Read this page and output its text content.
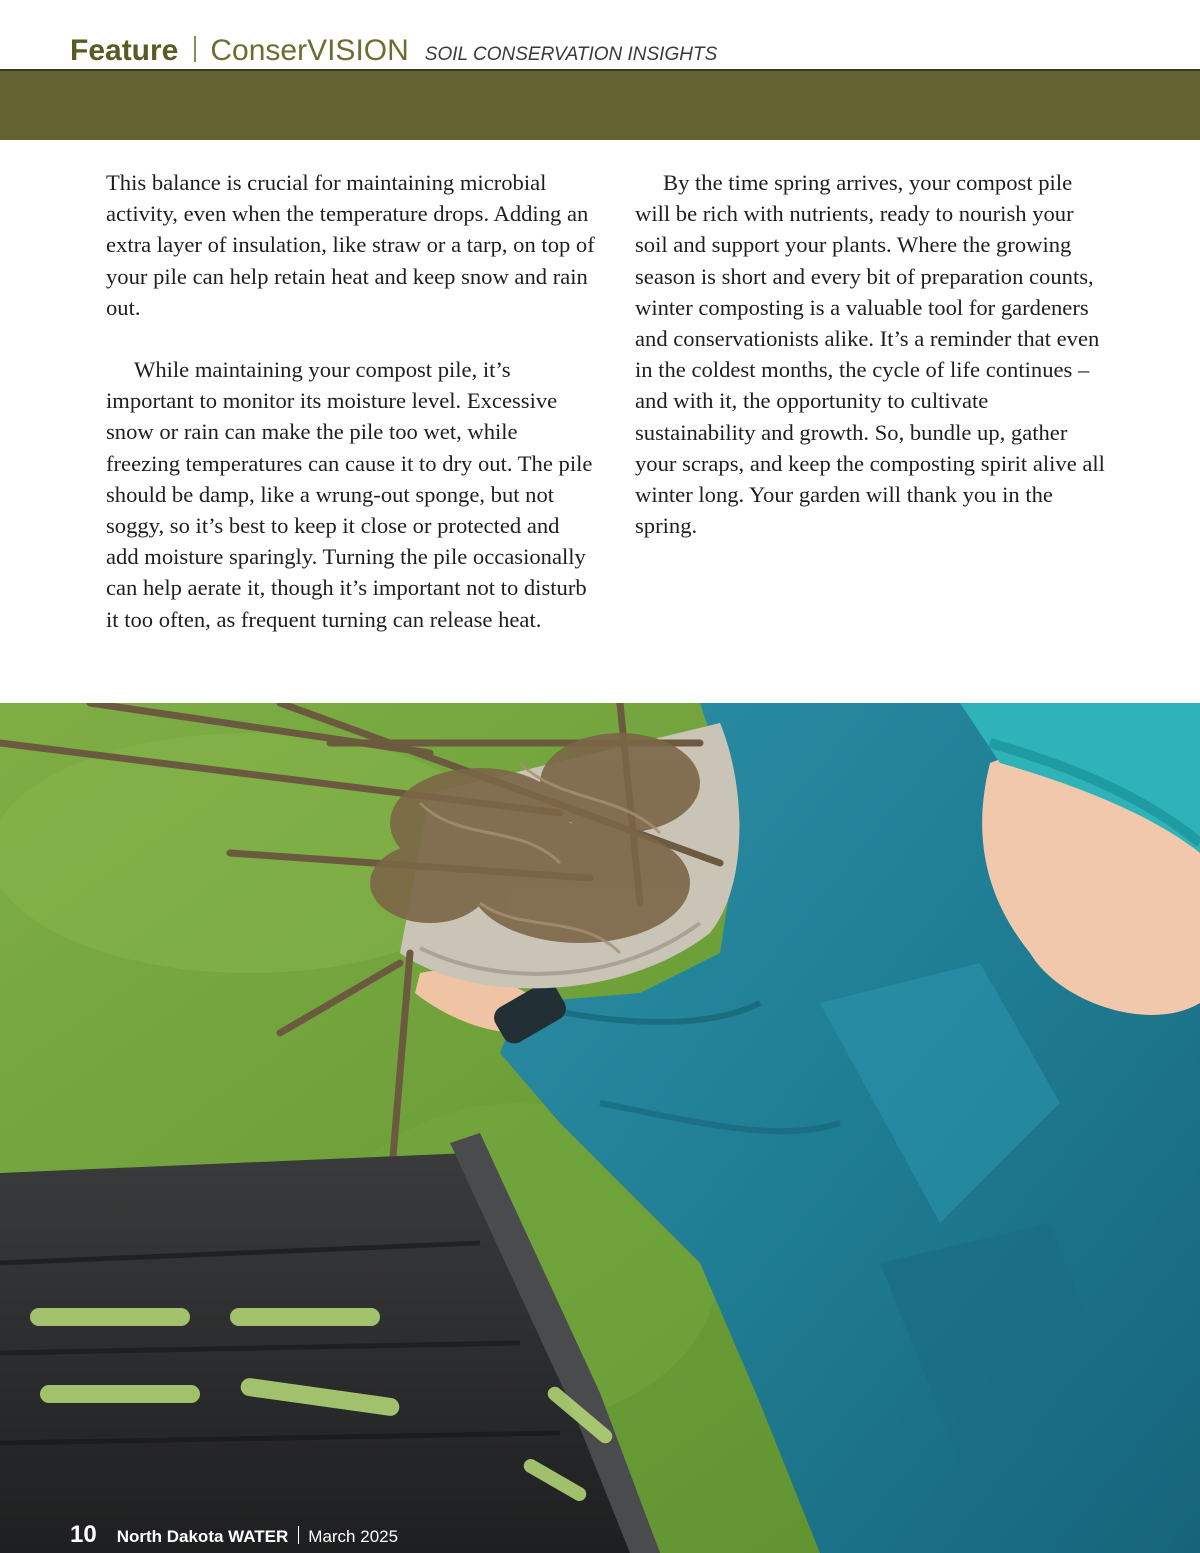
Feature ConserVISION SOIL CONSERVATION INSIGHTS

This balance is crucial for maintaining microbial activity, even when the temperature drops. Adding an extra layer of insulation, like straw or a tarp, on top of your pile can help retain heat and keep snow and rain out.

While maintaining your compost pile, it’s important to monitor its moisture level. Excessive snow or rain can make the pile too wet, while freezing temperatures can cause it to dry out. The pile should be damp, like a wrung-out sponge, but not soggy, so it’s best to keep it close or protected and add moisture sparingly. Turning the pile occasionally can help aerate it, though it’s important not to disturb it too often, as frequent turning can release heat.

By the time spring arrives, your compost pile will be rich with nutrients, ready to nourish your soil and support your plants. Where the growing season is short and every bit of preparation counts, winter composting is a valuable tool for gardeners and conservationists alike. It’s a reminder that even in the coldest months, the cycle of life continues – and with it, the opportunity to cultivate sustainability and growth. So, bundle up, gather your scraps, and keep the composting spirit alive all winter long. Your garden will thank you in the spring.

10 North Dakota WATER March 2025
